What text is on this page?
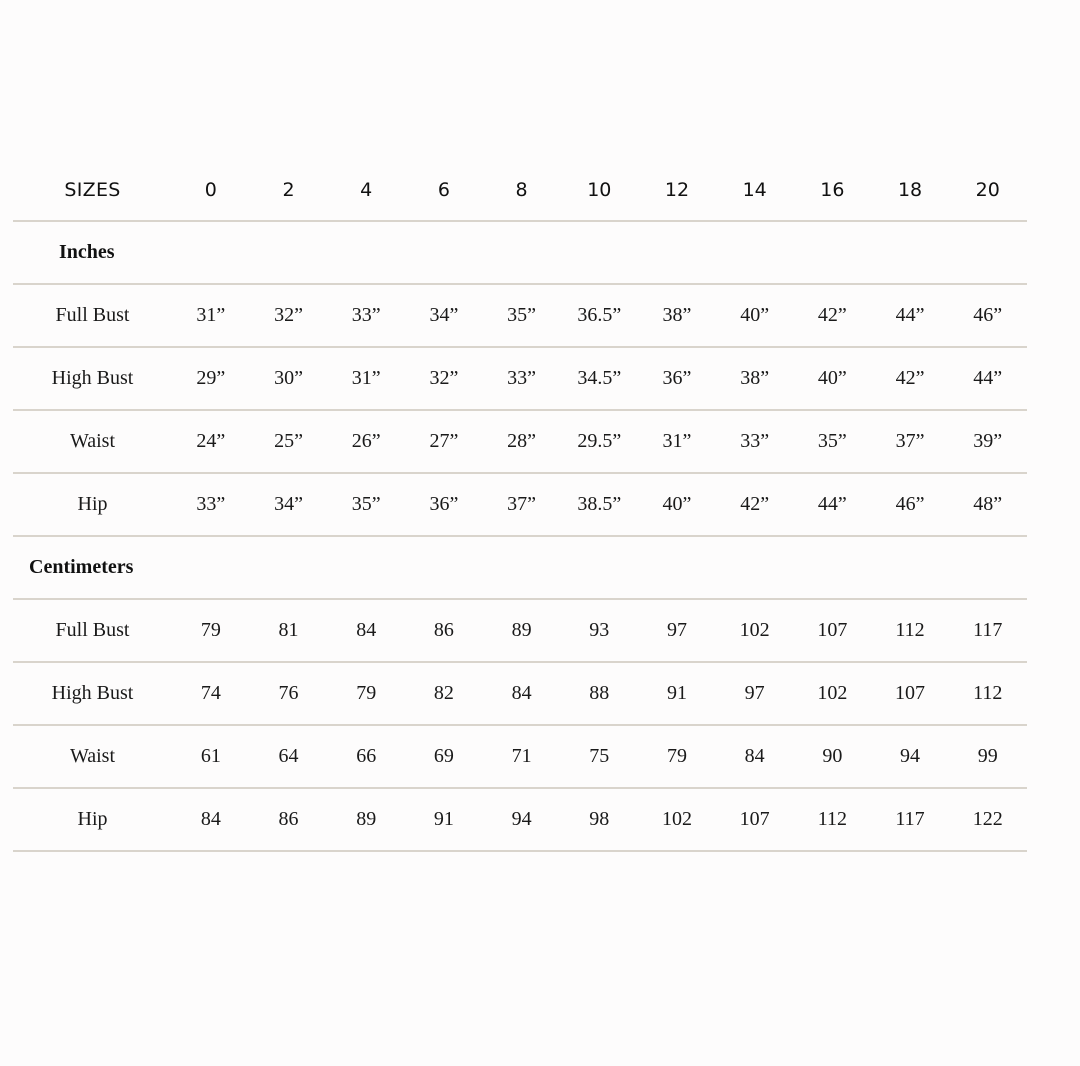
SIZES	0	2	4	6	8	10	12	14	16	18	20
Inches
Full Bust	31”	32”	33”	34”	35”	36.5”	38”	40”	42”	44”	46”
High Bust	29”	30”	31”	32”	33”	34.5”	36”	38”	40”	42”	44”
Waist	24”	25”	26”	27”	28”	29.5”	31”	33”	35”	37”	39”
Hip	33”	34”	35”	36”	37”	38.5”	40”	42”	44”	46”	48”
Centimeters
Full Bust	79	81	84	86	89	93	97	102	107	112	117
High Bust	74	76	79	82	84	88	91	97	102	107	112
Waist	61	64	66	69	71	75	79	84	90	94	99
Hip	84	86	89	91	94	98	102	107	112	117	122
